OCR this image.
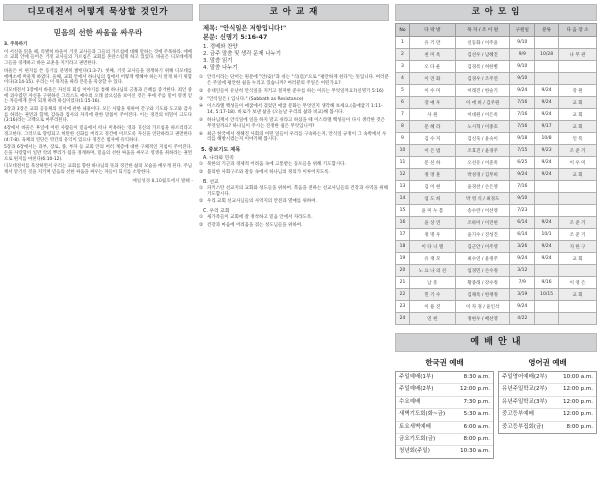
디모데전서 어떻게 묵상할 것인가
믿음의 선한 싸움을 싸우라
3. 주목하기
이 서신을 읽을 때, 특별히 바울이 거짓 교사들과 그들의 가르침에 대해 말하는 것에 주목하라. 에베소 교회 안에 들어온 거짓 교사들의 가르침은 교회를 혼란스럽게 하고 있었다. 바울은 디모데에게 그들을 경계하고 바른 교훈을 지키라고 권면한다.
바울은 이 편지를 쓴 동기를 분명히 밝힌다(1:3-7). 첫째, 거짓 교사들을 경계하기 위해 디모데를 에베소에 머물게 하였다. 둘째, 교회 안에서 하나님의 집에서 어떻게 행해야 하는지 알게 하기 위함이다(3:14-15). 우리는 이 목적을 따라 본문을 묵상할 수 있다.
디모데전서 1장에서 바울은 자신의 회심 이야기를 통해 하나님의 긍휼과 은혜를 증거한다. 죄인 중에 괴수였던 자신을 구원하신 그리스도 예수의 오래 참으심을 보이신 것은 후에 주를 믿어 영생 얻는 자들에게 본이 되게 하려 하심이었다(1:15-16).
2장과 3장은 교회 공동체의 질서에 관한 내용이다. 모든 사람을 위하여 간구와 기도와 도고와 감사를 하라는 권면과 함께, 감독과 집사의 자격에 관한 말씀이 주어진다. 이는 경건의 비밀이 크도다(3:16)라는 고백으로 마무리된다.
4장에서 바울은 후일에 어떤 사람들이 믿음에서 떠나 미혹하는 영과 귀신의 가르침을 따르리라고 경고한다. 그러므로 망령되고 허탄한 신화를 버리고 경건에 이르도록 자신을 연단하라고 권면한다(4:7-8). 육체의 연단은 약간의 유익이 있으나 경건은 범사에 유익하다.
5장과 6장에서는 과부, 장로, 종, 부자 등 교회 안의 여러 계층에 대한 구체적인 지침이 주어진다. 돈을 사랑함이 일만 악의 뿌리가 됨을 경계하며, 믿음의 선한 싸움을 싸우고 영생을 취하라는 권면으로 편지를 마친다(6:10-12).
디모데전서를 묵상하면서 우리는 교회를 향한 하나님의 뜻과 경건한 삶의 모습을 배우게 된다. 주님께서 맡기신 것을 지키며 믿음의 선한 싸움을 싸우는 자들이 되기를 소망한다.
매일성경 8,10월호에서 발췌 -
코 아 교 재
제목: "안식일은 저항입니다!"
본문: 신명기 5:16-47
1. 경배와 찬양
2. 금주 말씀 및 생각 문제 나누기
3. 말씀 읽기
4. 말씀 나누기
① 안식이라는 단어는 원문에 "안(安)"과 쉬는 "식(息)"으로 "평안하게 쉰다"는 뜻입니다. 여러분은 주일에 평안한 쉼을 누리고 있습니까? 여러분의 주일은 어떤가요?
② 유대인들이 유난히 안식일을 지키고 철저한 준수를 하는 이유는 무엇일까요?(신명기 5:16)
③ "안식일은 ( 입니다." (Sabbath as Resistance)
④ 이스라엘 백성들이 애굽에서 겪었던 애굽 문화는 무엇인지 생각해 보세요.(출애굽기 1:11-14, 5:17-18). 바로가 보낸 삶을 (오늘날 우리의 삶과 비교)해 봅시다.
⑤ 하나님께서 안식일에 일을 하지 말고 쉬라고 하셨을 때 이스라엘 백성들이 다시 생각한 것은 무엇일까요? 하나님이 주시는 진정한 쉼은 무엇입니까?
⑥ 최근 한국에서 정해진 사회의 어떤 일들이 우리를 구속하는지, 안식일 규정이 그 속박에서 우리를 해방시켰는지 이야기해 봅시다.
5. 중보기도 제목
A. 나라와 민족
① 북한의 기근과 경제적 어려움 속에 고통받는 동포들을 위해 기도합시다.
② 불의한 사회구조와 갈등 속에서 하나님의 정의가 이루어지도록.
B. 선교
① 파키스탄 선교지의 교회와 성도들을 위하여. 복음을 전하는 선교사님들의 건강과 사역을 위해 기도합시다.
② 우리 교회 선교사님들의 사역지의 안전과 열매를 위하여.
C. 우리 교회
① 새가족들이 교회에 잘 정착하고 믿음 안에서 자라도록.
② 건강과 마음에 어려움을 겪는 성도님들을 위하여.
코 아 모 임
No	다 락 방	목 자 / 조 이 원	구원일	분류	다 음 장 소
1	유 기 만	신동화 / 이주윤	9/10		
2	천 미 옥	김선우 / 남혜진	9/9	10/28	나 무 관
3	오 다 운	김경록 / 허한별	9/10		
4	이 연 화	김경우 / 조주연	9/10		
5	이 수 미	이래진 / 한슬기	9/24	9/24	강 원
6	장 예 우	이 에 바 / 김주원	7/16	9/24	교 회
7	사 원	이대원 / 이은옥	7/16	9/24	교 회
8	문 혜 라	노시혁 / 이종호	7/16	9/17	교 회
9	김 수 지	김신욱 / 윤숙이	9/18	10/8	인 폭
10	이 은 범	조효진 / 윤경주	7/15	9/23	조 준 기
11	문 선 하	오선유 / 이준옥	6/25	9/24	이 우 미
12	정 영 훈	박성경 / 김무희	9/24	9/24	교 회
13	김 이 현	윤경찬 / 손은영	7/16		
14	엄 도 희	박 영 식 / 최경도	9/10		
15	윤 미 누 봄	송수란 / 이선영	7/23		
16	윤 상 연	조하미 / 이진현	6/14	9/24	조 준 기
17	정 명 우	윤기수 / 진성진	6/14	10/1	조 준 기
18	이 다 니 엘	김근안 / 이주영	3/26	9/24	지 한 구
19	유 재 모	최수연 / 윤정주	9/24	9/24	교 회
20	노 요 나 의 선	임경민 / 손수정	3/12		
21	남 흥	황종래 / 강수정	7/9	9/16	이 영 은
22	민 기 수	김채옥 / 한재정	3/19	10/15	교 회
23	이 용 진	이 자 경 / 윤인석	9/24		
24	연 현	정현우 / 배선영	4/22		
예 배 안 내
한국권 예배
주일예배(1부)	8:30 a.m.
주일예배(2부)	12:00 p.m.
수요예배	7:30 p.m.
새벽기도회(화~금)	5:30 a.m.
토요새벽예배	6:00 a.m.
금요기도회(금)	8:00 p.m.
청년회(주일)	10:30 a.m.
영어권 예배
주일영어예배(2부)	10:00 a.m.
유년주일학교(2부)	12:00 p.m.
유년주일학교(3부)	12:00 p.m.
중고등부예배	12:00 p.m.
중고등부집회(금)	8:00 p.m.
